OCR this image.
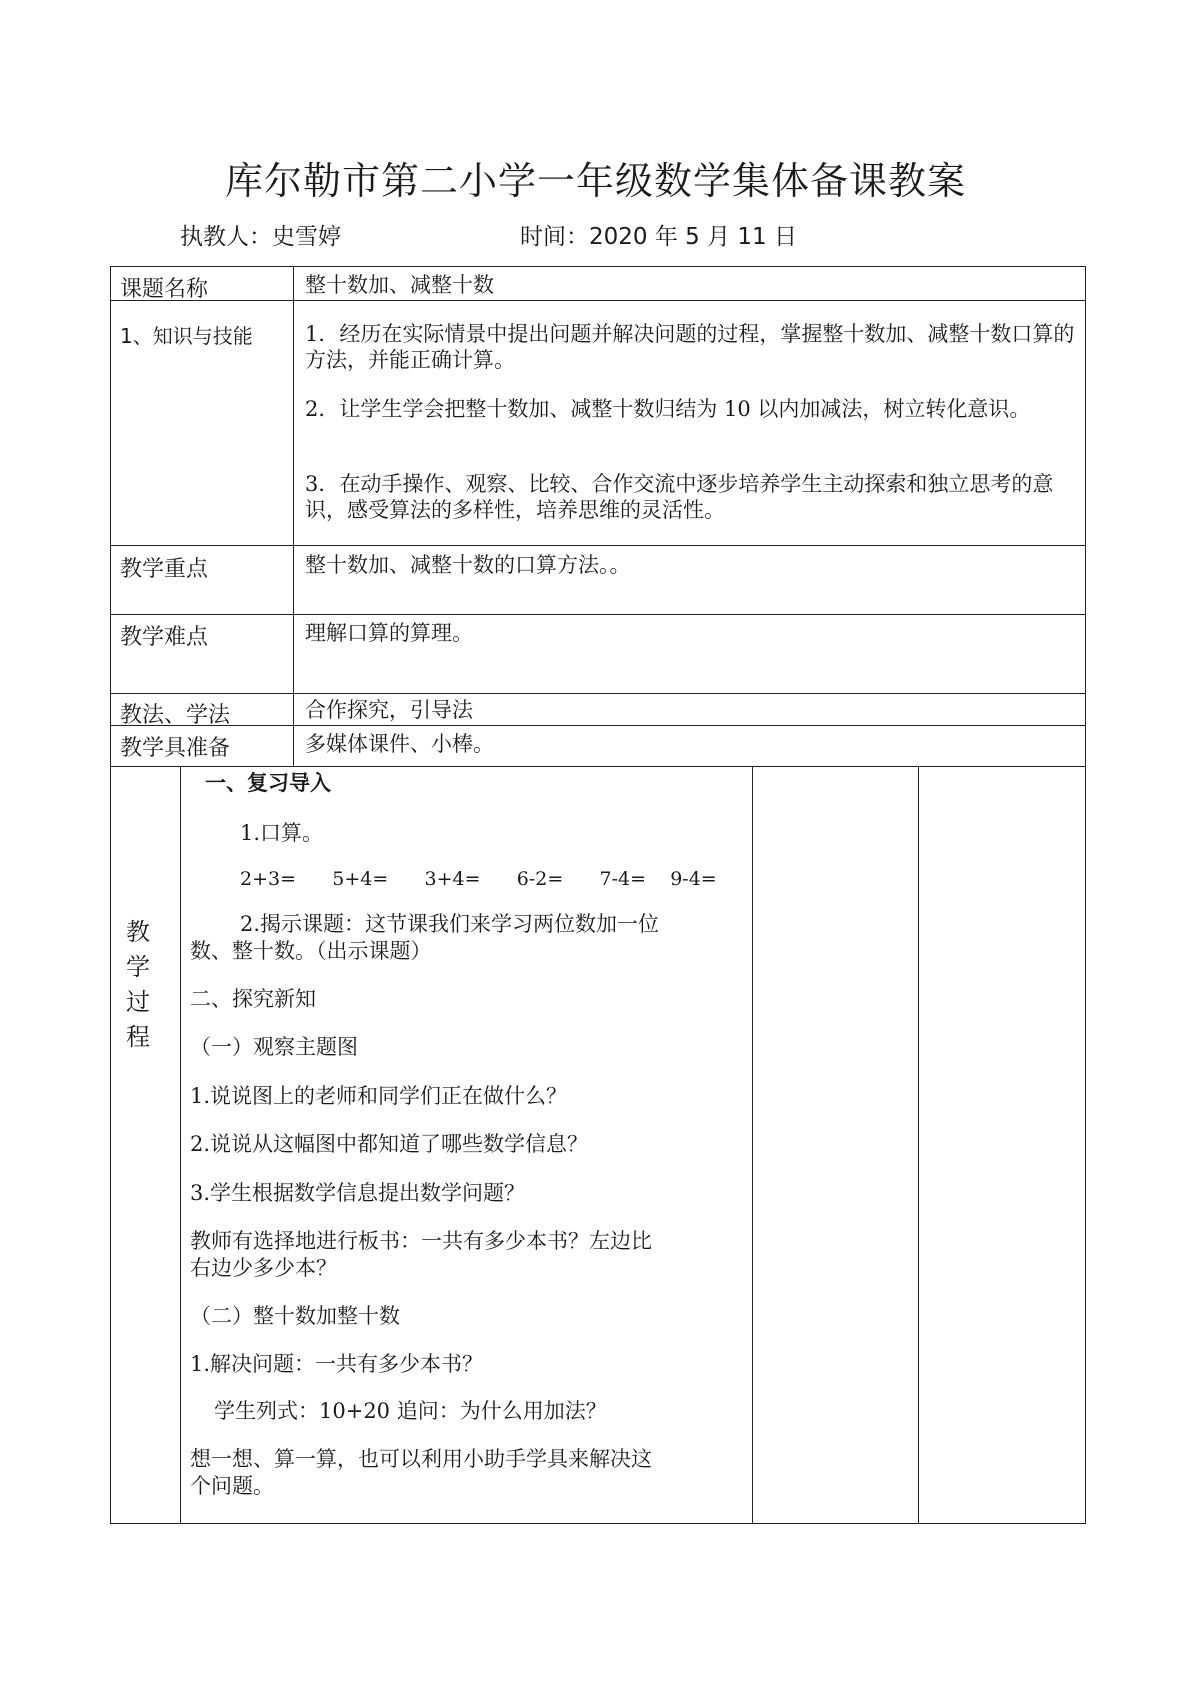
库尔勒市第二小学一年级数学集体备课教案
执教人：史雪婷	时间：2020 年 5 月 11 日
课题名称	整十数加、减整十数
1、知识与技能 1．经历在实际情景中提出问题并解决问题的过程，掌握整十数加、减整十数口算的方法，并能正确计算。
2．让学生学会把整十数加、减整十数归结为 10 以内加减法，树立转化意识。
3．在动手操作、观察、比较、合作交流中逐步培养学生主动探索和独立思考的意识，感受算法的多样性，培养思维的灵活性。
教学重点	整十数加、减整十数的口算方法。。
教学难点	理解口算的算理。
教法、学法	合作探究，引导法
教学具准备	多媒体课件、小棒。
教
学
过
程
一、复习导入
1.口算。
2+3=      5+4=      3+4=      6-2=      7-4=    9-4=
2.揭示课题：这节课我们来学习两位数加一位
数、整十数。（出示课题）
二、探究新知
（一）观察主题图
1.说说图上的老师和同学们正在做什么？
2.说说从这幅图中都知道了哪些数学信息？
3.学生根据数学信息提出数学问题？
教师有选择地进行板书：一共有多少本书？左边比
右边少多少本？
（二）整十数加整十数
1.解决问题：一共有多少本书？
学生列式：10+20 追问：为什么用加法？
想一想、算一算，也可以利用小助手学具来解决这
个问题。
